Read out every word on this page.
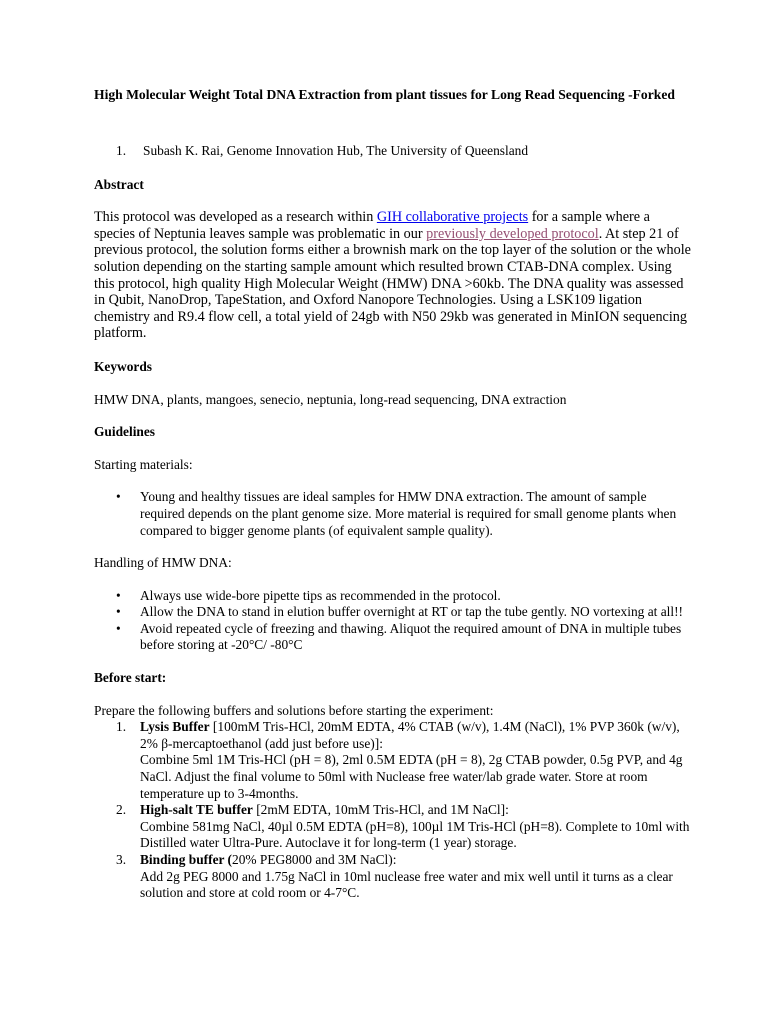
High Molecular Weight Total DNA Extraction from plant tissues for Long Read Sequencing -Forked
1.	Subash K. Rai, Genome Innovation Hub, The University of Queensland
Abstract
This protocol was developed as a research within GIH collaborative projects for a sample where a species of Neptunia leaves sample was problematic in our previously developed protocol. At step 21 of previous protocol, the solution forms either a brownish mark on the top layer of the solution or the whole solution depending on the starting sample amount which resulted brown CTAB-DNA complex. Using this protocol, high quality High Molecular Weight (HMW) DNA >60kb. The DNA quality was assessed in Qubit, NanoDrop, TapeStation, and Oxford Nanopore Technologies. Using a LSK109 ligation chemistry and R9.4 flow cell, a total yield of 24gb with N50 29kb was generated in MinION sequencing platform.
Keywords
HMW DNA, plants, mangoes, senecio, neptunia, long-read sequencing, DNA extraction
Guidelines
Starting materials:
•	Young and healthy tissues are ideal samples for HMW DNA extraction. The amount of sample required depends on the plant genome size. More material is required for small genome plants when compared to bigger genome plants (of equivalent sample quality).
Handling of HMW DNA:
•	Always use wide-bore pipette tips as recommended in the protocol.
•	Allow the DNA to stand in elution buffer overnight at RT or tap the tube gently. NO vortexing at all!!
•	Avoid repeated cycle of freezing and thawing. Aliquot the required amount of DNA in multiple tubes before storing at -20°C/ -80°C
Before start:
Prepare the following buffers and solutions before starting the experiment:
1.	Lysis Buffer [100mM Tris-HCl, 20mM EDTA, 4% CTAB (w/v), 1.4M (NaCl), 1% PVP 360k (w/v), 2% β-mercaptoethanol (add just before use)]:
Combine 5ml 1M Tris-HCl (pH = 8), 2ml 0.5M EDTA (pH = 8), 2g CTAB powder, 0.5g PVP, and 4g NaCl. Adjust the final volume to 50ml with Nuclease free water/lab grade water. Store at room temperature up to 3-4months.
2.	High-salt TE buffer [2mM EDTA, 10mM Tris-HCl, and 1M NaCl]:
Combine 581mg NaCl, 40µl 0.5M EDTA (pH=8), 100µl 1M Tris-HCl (pH=8). Complete to 10ml with Distilled water Ultra-Pure. Autoclave it for long-term (1 year) storage.
3.	Binding buffer (20% PEG8000 and 3M NaCl):
Add 2g PEG 8000 and 1.75g NaCl in 10ml nuclease free water and mix well until it turns as a clear solution and store at cold room or 4-7°C.
